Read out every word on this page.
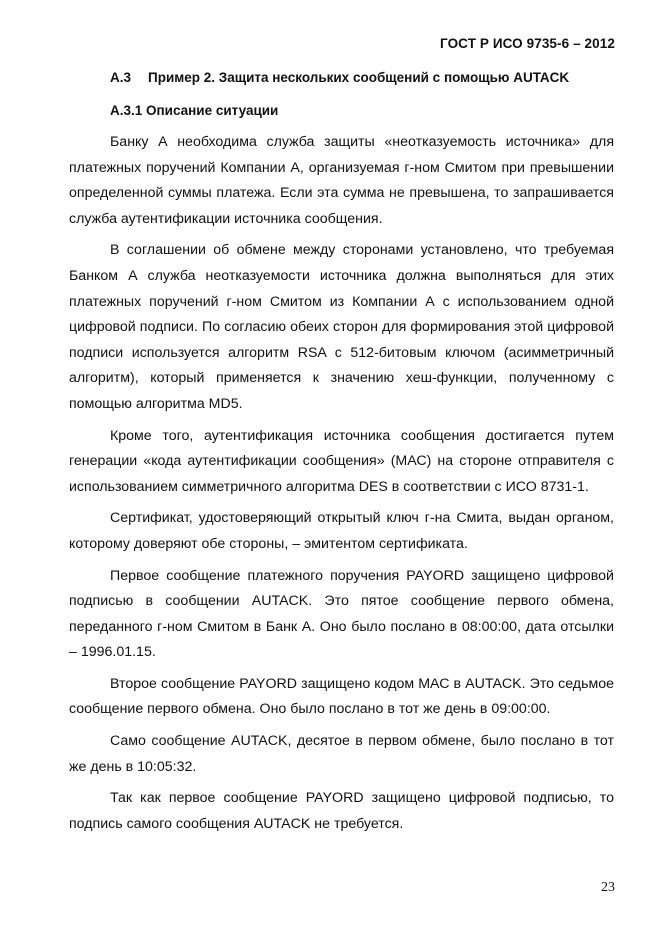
ГОСТ Р ИСО 9735-6 – 2012
А.3 Пример 2. Защита нескольких сообщений с помощью AUTACK
А.3.1 Описание ситуации

Банку А необходима служба защиты «неотказуемость источника» для платежных поручений Компании А, организуемая г-ном Смитом при превышении определенной суммы платежа. Если эта сумма не превышена, то запрашивается служба аутентификации источника сообщения.

В соглашении об обмене между сторонами установлено, что требуемая Банком А служба неотказуемости источника должна выполняться для этих платежных поручений г-ном Смитом из Компании А с использованием одной цифровой подписи. По согласию обеих сторон для формирования этой цифровой подписи используется алгоритм RSA с 512-битовым ключом (асимметричный алгоритм), который применяется к значению хеш-функции, полученному с помощью алгоритма MD5.

Кроме того, аутентификация источника сообщения достигается путем генерации «кода аутентификации сообщения» (МАС) на стороне отправителя с использованием симметричного алгоритма DES в соответствии с ИСО 8731-1.

Сертификат, удостоверяющий открытый ключ г-на Смита, выдан органом, которому доверяют обе стороны, – эмитентом сертификата.

Первое сообщение платежного поручения PAYORD защищено цифровой подписью в сообщении AUTACK. Это пятое сообщение первого обмена, переданного г-ном Смитом в Банк А. Оно было послано в 08:00:00, дата отсылки – 1996.01.15.

Второе сообщение PAYORD защищено кодом МАС в AUTACK. Это седьмое сообщение первого обмена. Оно было послано в тот же день в 09:00:00.

Само сообщение AUTACK, десятое в первом обмене, было послано в тот же день в 10:05:32.

Так как первое сообщение PAYORD защищено цифровой подписью, то подпись самого сообщения AUTACK не требуется.

23
